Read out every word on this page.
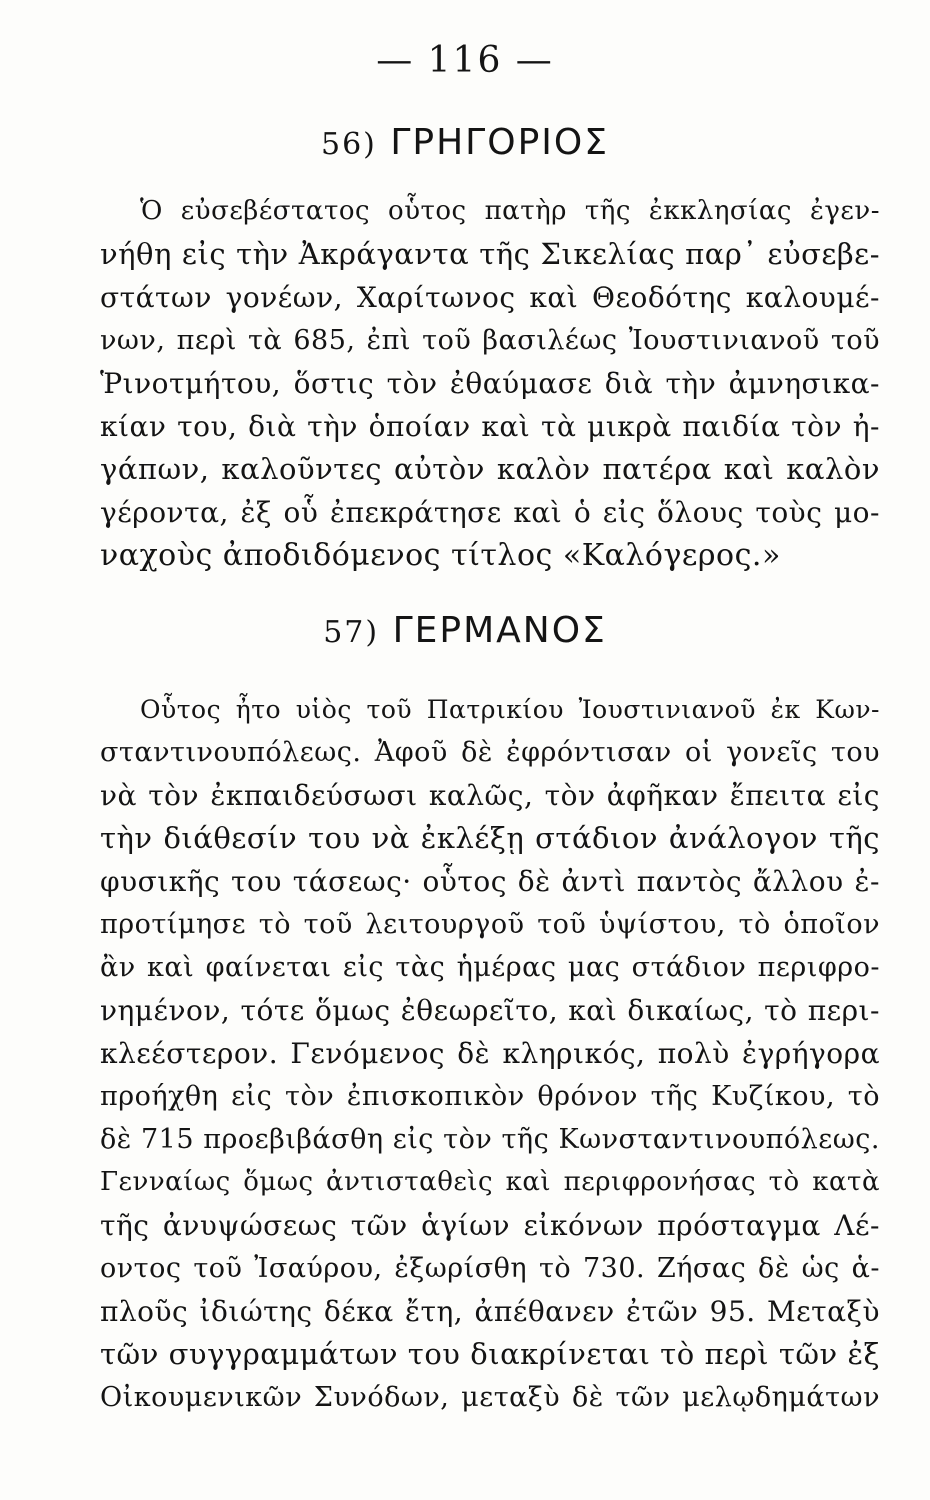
— 116 —
56) ΓΡΗΓΟΡΙΟΣ
Ὁ εὐσεβέστατος οὗτος πατὴρ τῆς ἐκκλησίας ἐγεν-
νήθη εἰς τὴν Ἀκράγαντα τῆς Σικελίας παρ᾽ εὐσεβε-
στάτων γονέων, Χαρίτωνος καὶ Θεοδότης καλουμέ-
νων, περὶ τὰ 685, ἐπὶ τοῦ βασιλέως Ἰουστινιανοῦ τοῦ
Ῥινοτμήτου, ὅστις τὸν ἐθαύμασε διὰ τὴν ἀμνησικα-
κίαν του, διὰ τὴν ὁποίαν καὶ τὰ μικρὰ παιδία τὸν ἠ-
γάπων, καλοῦντες αὐτὸν καλὸν πατέρα καὶ καλὸν
γέροντα, ἐξ οὗ ἐπεκράτησε καὶ ὁ εἰς ὅλους τοὺς μο-
ναχοὺς ἀποδιδόμενος τίτλος «Καλόγερος.»
57) ΓΕΡΜΑΝΟΣ
Οὗτος ἦτο υἱὸς τοῦ Πατρικίου Ἰουστινιανοῦ ἐκ Κων-
σταντινουπόλεως. Ἀφοῦ δὲ ἐφρόντισαν οἱ γονεῖς του
νὰ τὸν ἐκπαιδεύσωσι καλῶς, τὸν ἀφῆκαν ἔπειτα εἰς
τὴν διάθεσίν του νὰ ἐκλέξῃ στάδιον ἀνάλογον τῆς
φυσικῆς του τάσεως· οὗτος δὲ ἀντὶ παντὸς ἄλλου ἐ-
προτίμησε τὸ τοῦ λειτουργοῦ τοῦ ὑψίστου, τὸ ὁποῖον
ἂν καὶ φαίνεται εἰς τὰς ἡμέρας μας στάδιον περιφρο-
νημένον, τότε ὅμως ἐθεωρεῖτο, καὶ δικαίως, τὸ περι-
κλεέστερον. Γενόμενος δὲ κληρικός, πολὺ ἐγρήγορα
προήχθη εἰς τὸν ἐπισκοπικὸν θρόνον τῆς Κυζίκου, τὸ
δὲ 715 προεβιβάσθη εἰς τὸν τῆς Κωνσταντινουπόλεως.
Γενναίως ὅμως ἀντισταθεὶς καὶ περιφρονήσας τὸ κατὰ
τῆς ἀνυψώσεως τῶν ἁγίων εἰκόνων πρόσταγμα Λέ-
οντος τοῦ Ἰσαύρου, ἐξωρίσθη τὸ 730. Ζήσας δὲ ὡς ἁ-
πλοῦς ἰδιώτης δέκα ἔτη, ἀπέθανεν ἐτῶν 95. Μεταξὺ
τῶν συγγραμμάτων του διακρίνεται τὸ περὶ τῶν ἐξ
Οἰκουμενικῶν Συνόδων, μεταξὺ δὲ τῶν μελῳδημάτων
